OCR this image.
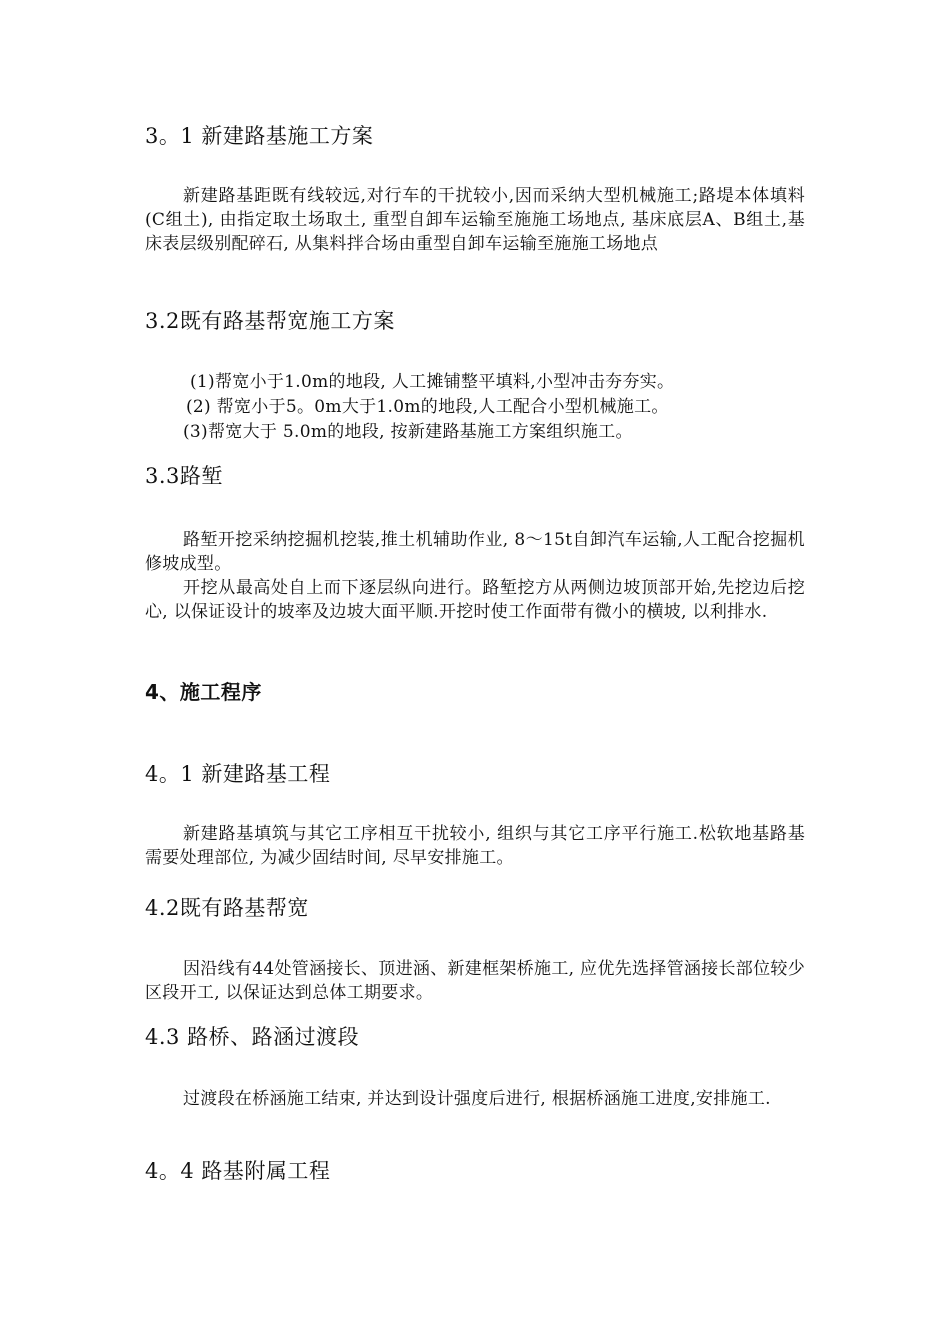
3。1 新建路基施工方案
新建路基距既有线较远,对行车的干扰较小,因而采纳大型机械施工;路堤本体填料(C组土), 由指定取土场取土, 重型自卸车运输至施施工场地点, 基床底层A、B组土,基床表层级别配碎石, 从集料拌合场由重型自卸车运输至施施工场地点
3.2既有路基帮宽施工方案
(1)帮宽小于1.0m的地段, 人工摊铺整平填料,小型冲击夯夯实。
(2) 帮宽小于5。0m大于1.0m的地段,人工配合小型机械施工。
(3)帮宽大于 5.0m的地段, 按新建路基施工方案组织施工。
3.3路堑
路堑开挖采纳挖掘机挖装,推土机辅助作业, 8～15t自卸汽车运输,人工配合挖掘机修坡成型。
开挖从最高处自上而下逐层纵向进行。路堑挖方从两侧边坡顶部开始,先挖边后挖心, 以保证设计的坡率及边坡大面平顺.开挖时使工作面带有微小的横坡, 以利排水.
4、施工程序
4。1 新建路基工程
新建路基填筑与其它工序相互干扰较小, 组织与其它工序平行施工.松软地基路基需要处理部位, 为减少固结时间, 尽早安排施工。
4.2既有路基帮宽
因沿线有44处管涵接长、顶进涵、新建框架桥施工, 应优先选择管涵接长部位较少区段开工, 以保证达到总体工期要求。
4.3 路桥、路涵过渡段
过渡段在桥涵施工结束, 并达到设计强度后进行, 根据桥涵施工进度,安排施工.
4。4 路基附属工程
